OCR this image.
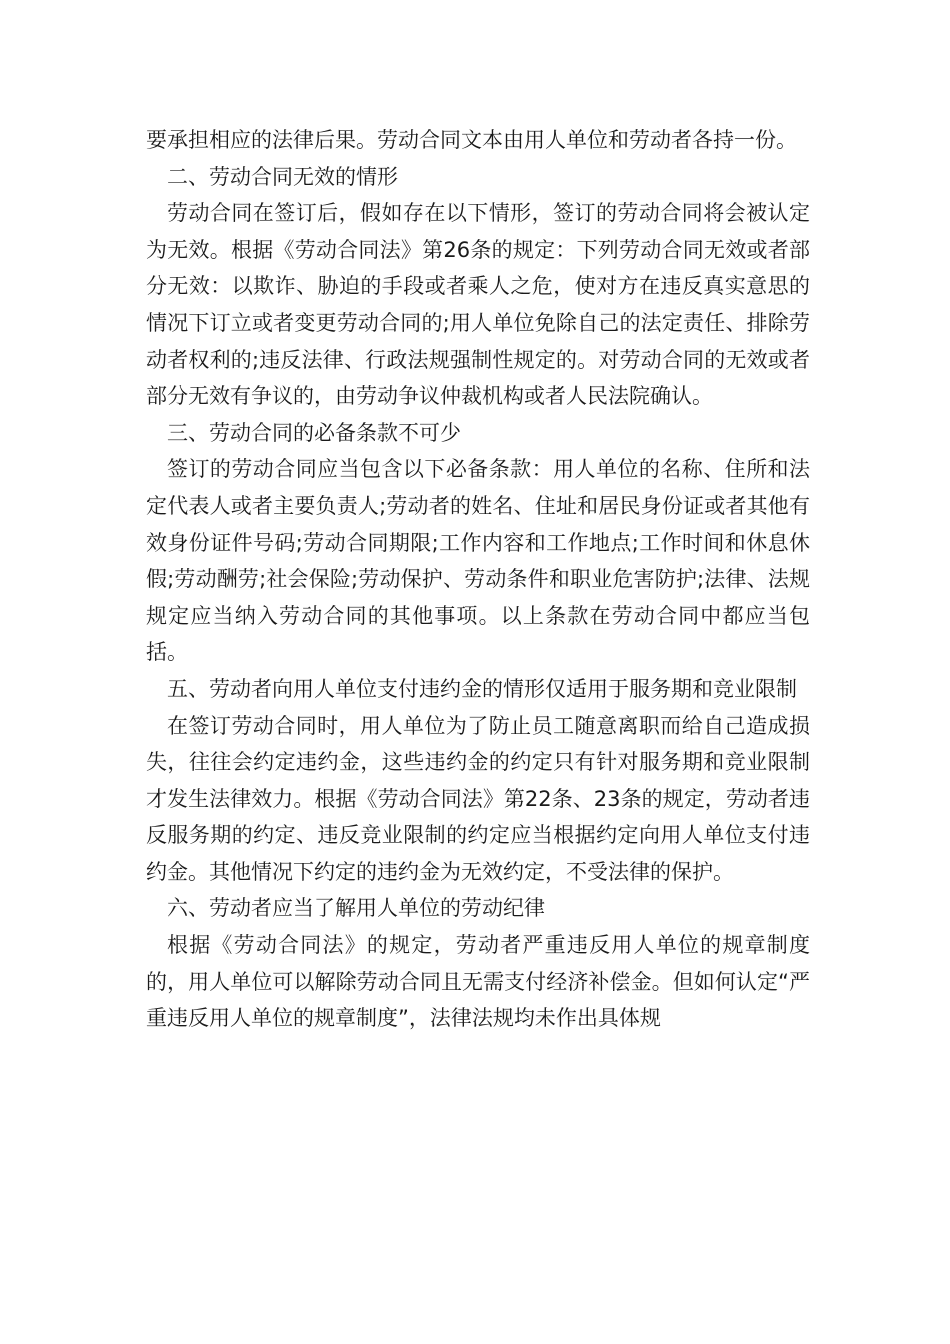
要承担相应的法律后果。劳动合同文本由用人单位和劳动者各持一份。

二、劳动合同无效的情形

劳动合同在签订后，假如存在以下情形，签订的劳动合同将会被认定为无效。根据《劳动合同法》第26条的规定：下列劳动合同无效或者部分无效：以欺诈、胁迫的手段或者乘人之危，使对方在违反真实意思的情况下订立或者变更劳动合同的;用人单位免除自己的法定责任、排除劳动者权利的;违反法律、行政法规强制性规定的。对劳动合同的无效或者部分无效有争议的，由劳动争议仲裁机构或者人民法院确认。

三、劳动合同的必备条款不可少

签订的劳动合同应当包含以下必备条款：用人单位的名称、住所和法定代表人或者主要负责人;劳动者的姓名、住址和居民身份证或者其他有效身份证件号码;劳动合同期限;工作内容和工作地点;工作时间和休息休假;劳动酬劳;社会保险;劳动保护、劳动条件和职业危害防护;法律、法规规定应当纳入劳动合同的其他事项。以上条款在劳动合同中都应当包括。

五、劳动者向用人单位支付违约金的情形仅适用于服务期和竞业限制

在签订劳动合同时，用人单位为了防止员工随意离职而给自己造成损失，往往会约定违约金，这些违约金的约定只有针对服务期和竞业限制才发生法律效力。根据《劳动合同法》第22条、23条的规定，劳动者违反服务期的约定、违反竞业限制的约定应当根据约定向用人单位支付违约金。其他情况下约定的违约金为无效约定，不受法律的保护。

六、劳动者应当了解用人单位的劳动纪律

根据《劳动合同法》的规定，劳动者严重违反用人单位的规章制度的，用人单位可以解除劳动合同且无需支付经济补偿金。但如何认定“严重违反用人单位的规章制度”，法律法规均未作出具体规
